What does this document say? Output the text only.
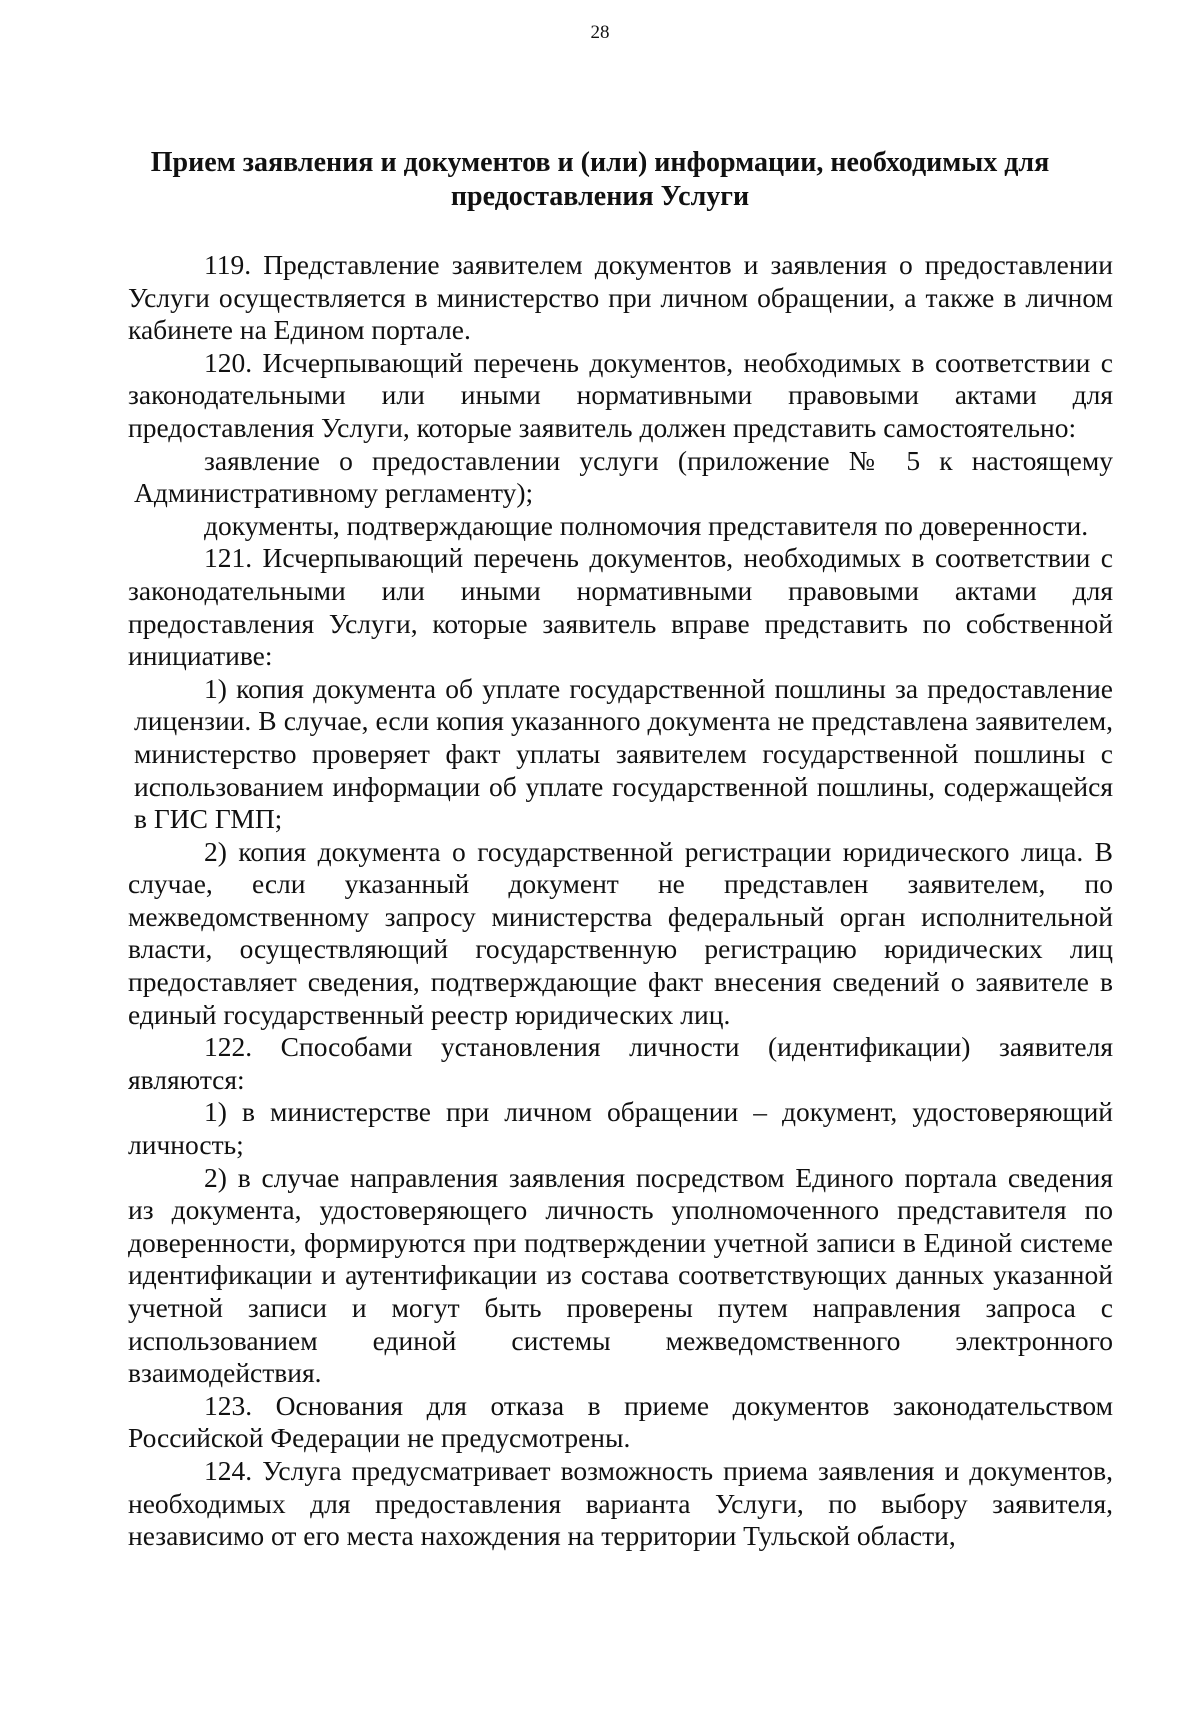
28
Прием заявления и документов и (или) информации, необходимых для
предоставления Услуги

119. Представление заявителем документов и заявления о предоставлении Услуги осуществляется в министерство при личном обращении, а также в личном кабинете на Едином портале.

120. Исчерпывающий перечень документов, необходимых в соответствии с законодательными или иными нормативными правовыми актами для предоставления Услуги, которые заявитель должен представить самостоятельно:

заявление о предоставлении услуги (приложение № 5 к настоящему Административному регламенту);

документы, подтверждающие полномочия представителя по доверенности.

121. Исчерпывающий перечень документов, необходимых в соответствии с законодательными или иными нормативными правовыми актами для предоставления Услуги, которые заявитель вправе представить по собственной инициативе:

1) копия документа об уплате государственной пошлины за предоставление лицензии. В случае, если копия указанного документа не представлена заявителем, министерство проверяет факт уплаты заявителем государственной пошлины с использованием информации об уплате государственной пошлины, содержащейся в ГИС ГМП;

2) копия документа о государственной регистрации юридического лица. В случае, если указанный документ не представлен заявителем, по межведомственному запросу министерства федеральный орган исполнительной власти, осуществляющий государственную регистрацию юридических лиц предоставляет сведения, подтверждающие факт внесения сведений о заявителе в единый государственный реестр юридических лиц.

122. Способами установления личности (идентификации) заявителя являются:

1) в министерстве при личном обращении – документ, удостоверяющий личность;

2) в случае направления заявления посредством Единого портала сведения из документа, удостоверяющего личность уполномоченного представителя по доверенности, формируются при подтверждении учетной записи в Единой системе идентификации и аутентификации из состава соответствующих данных указанной учетной записи и могут быть проверены путем направления запроса с использованием единой системы межведомственного электронного взаимодействия.

123. Основания для отказа в приеме документов законодательством Российской Федерации не предусмотрены.

124. Услуга предусматривает возможность приема заявления и документов, необходимых для предоставления варианта Услуги, по выбору заявителя, независимо от его места нахождения на территории Тульской области,
